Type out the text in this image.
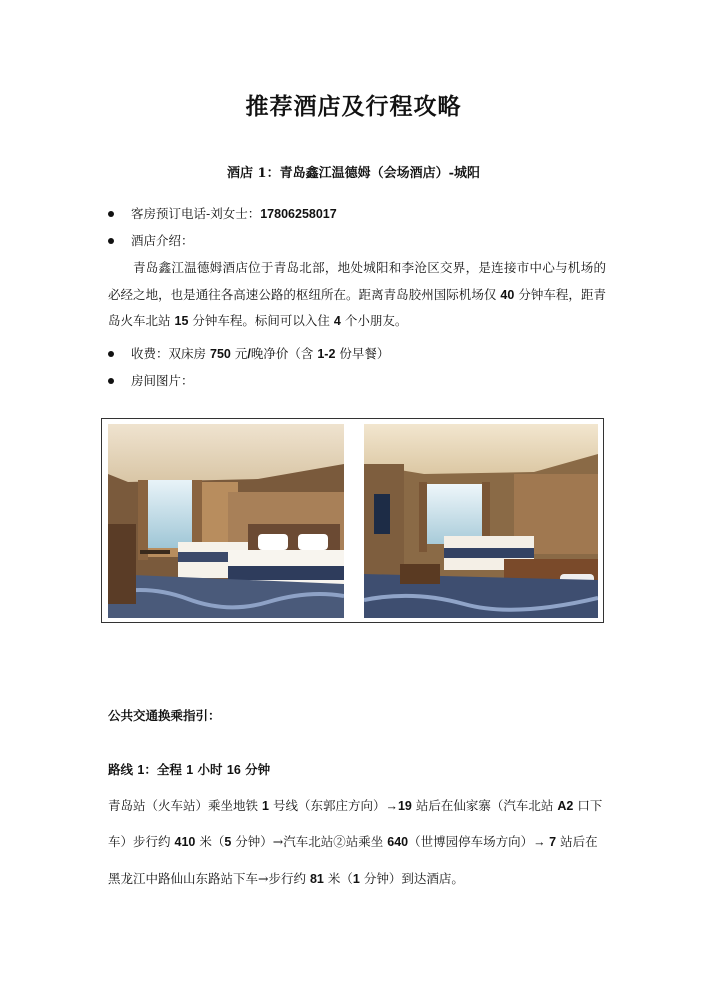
推荐酒店及行程攻略
酒店 1：青岛鑫江温德姆（会场酒店）-城阳
客房预订电话-刘女士：17806258017
酒店介绍：
青岛鑫江温德姆酒店位于青岛北部，地处城阳和李沧区交界，是连接市中心与机场的必经之地，也是通往各高速公路的枢纽所在。距离青岛胶州国际机场仅 40 分钟车程，距青岛火车北站 15 分钟车程。标间可以入住 4 个小朋友。
收费：双床房 750 元/晚净价（含 1-2 份早餐）
房间图片：
公共交通换乘指引：
路线 1：全程 1 小时 16 分钟
青岛站（火车站）乘坐地铁 1 号线（东郭庄方向）→19 站后在仙家寨（汽车北站 A2 口下
车）步行约 410 米（5 分钟）→汽车北站②站乘坐 640（世博园停车场方向）→ 7 站后在
黑龙江中路仙山东路站下车→步行约 81 米（1 分钟）到达酒店。
